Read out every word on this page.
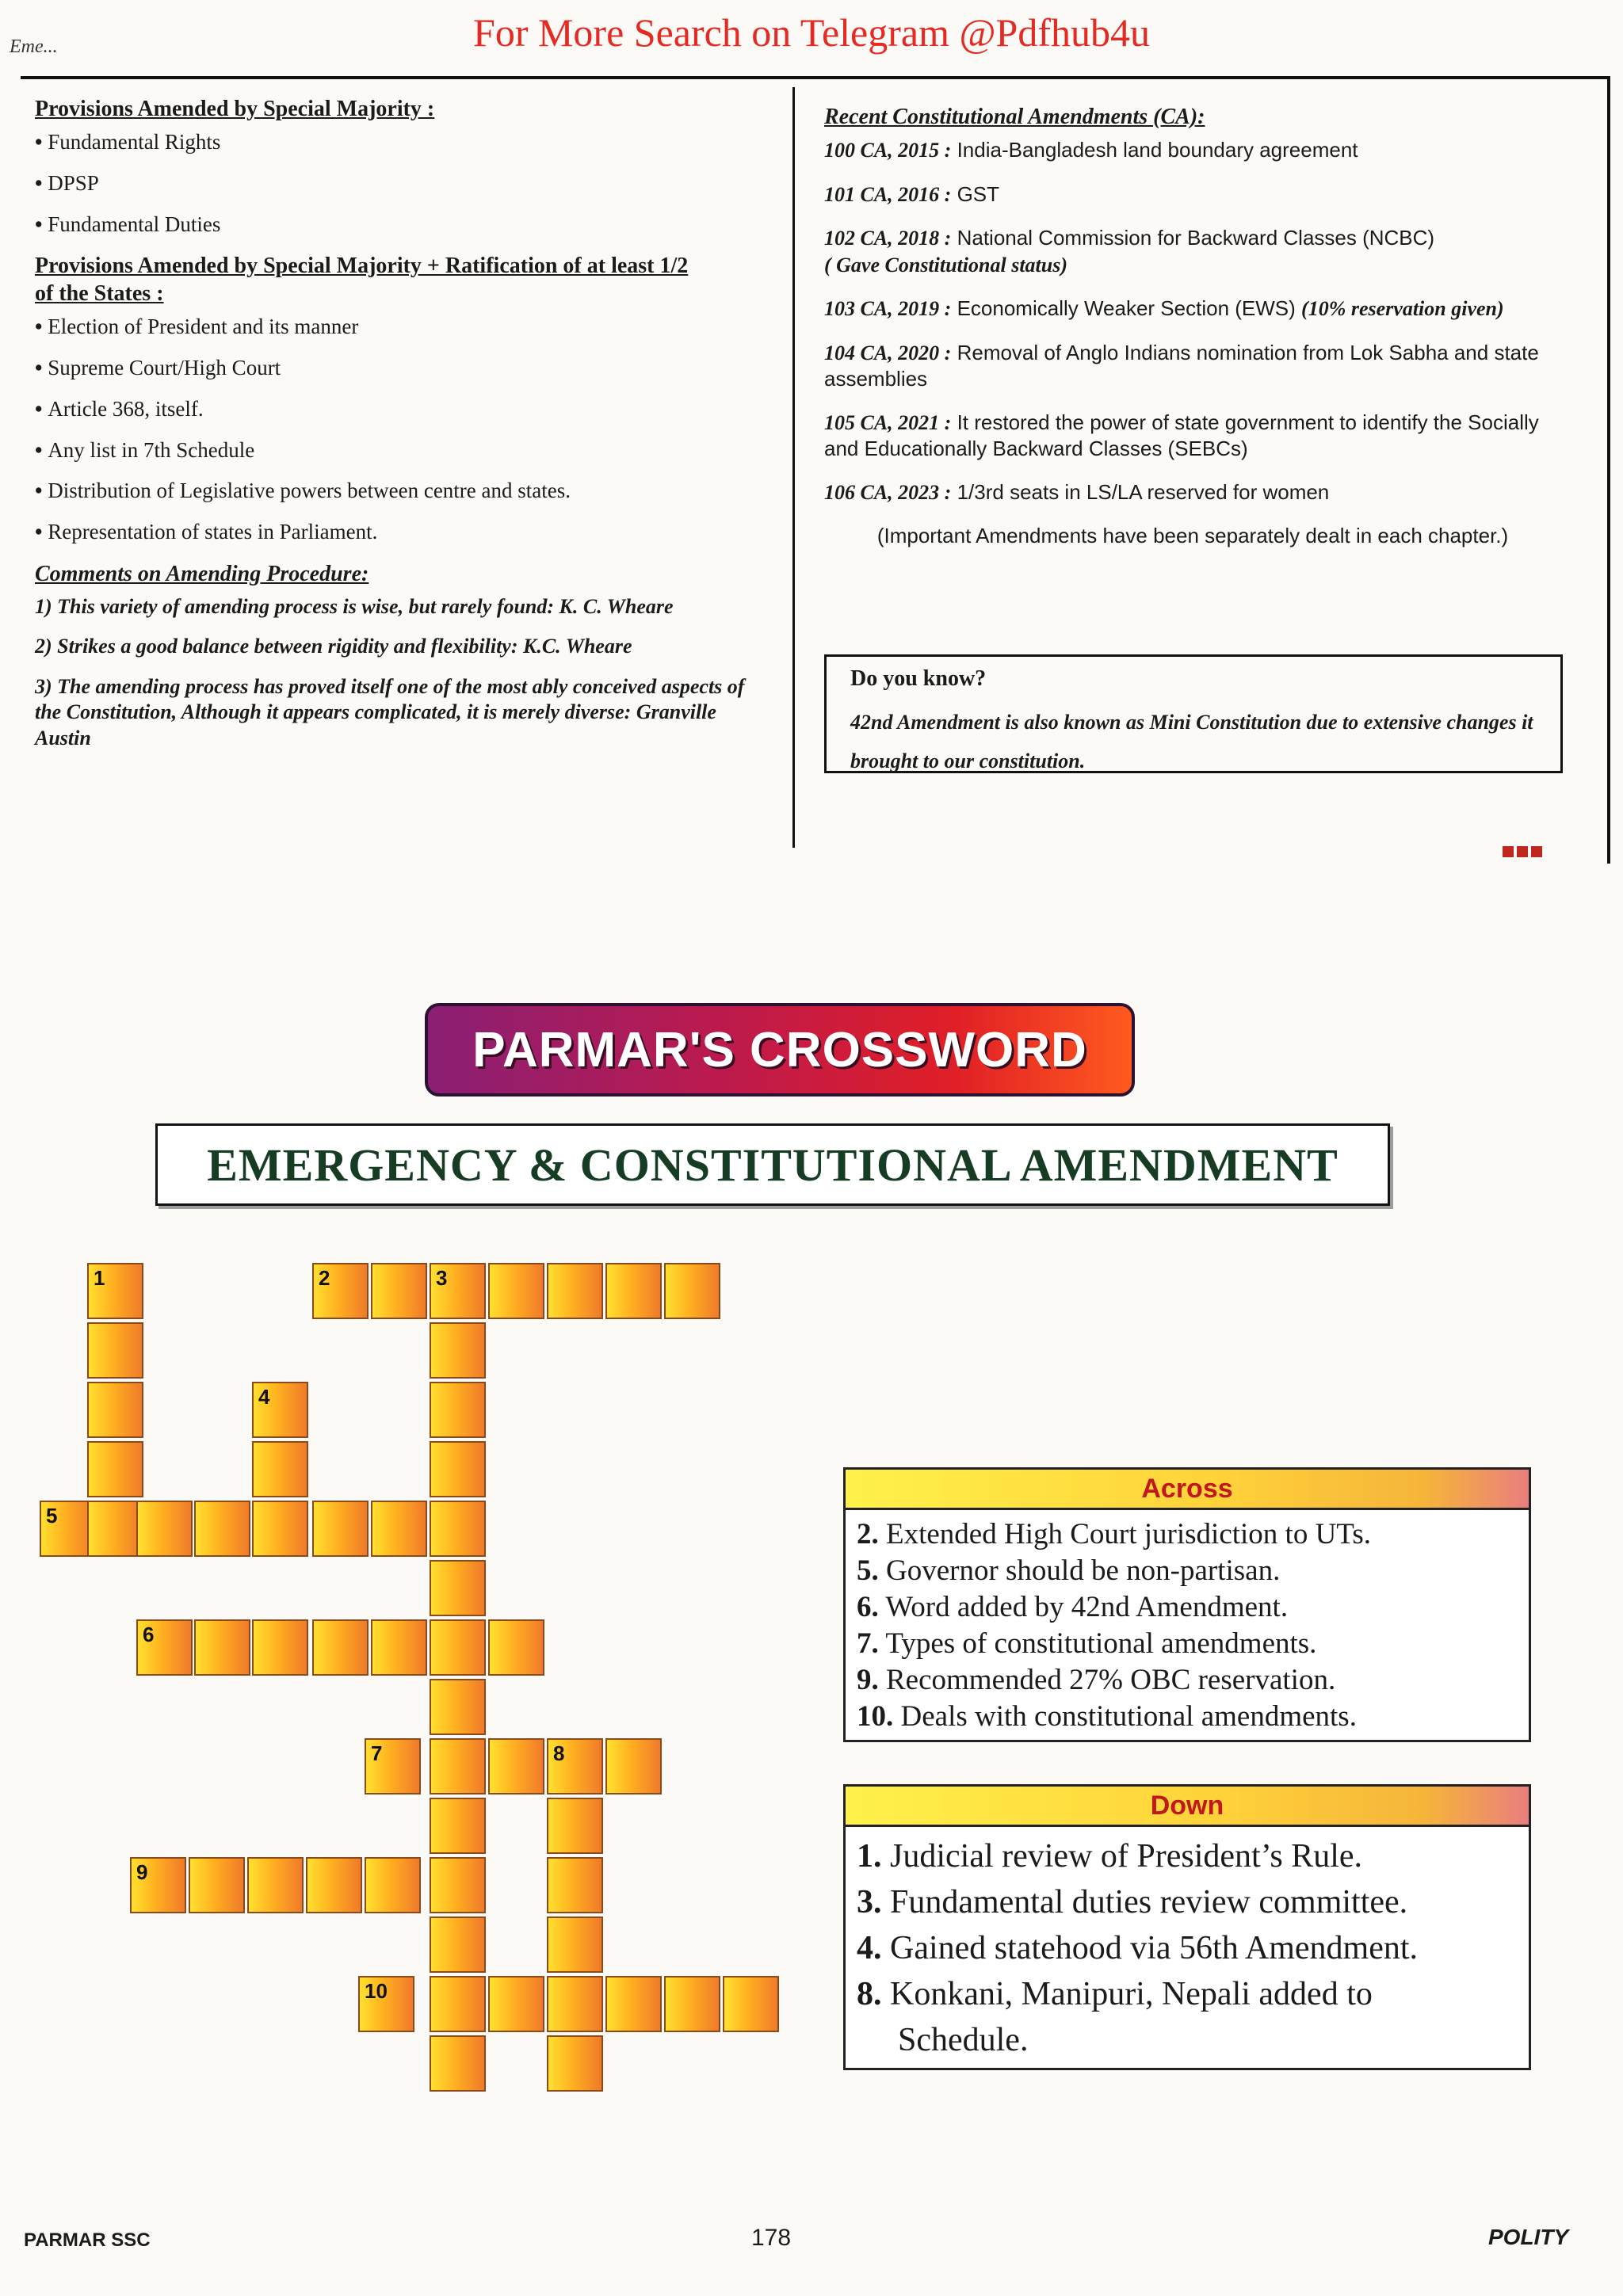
For More Search on Telegram @Pdfhub4u
Eme...
Provisions Amended by Special Majority :
• Fundamental Rights
• DPSP
• Fundamental Duties
Provisions Amended by Special Majority + Ratification of at least 1/2
of the States :
• Election of President and its manner
• Supreme Court/High Court
• Article 368, itself.
• Any list in 7th Schedule
• Distribution of Legislative powers between centre and states.
• Representation of states in Parliament.
Comments on Amending Procedure:
1) This variety of amending process is wise, but rarely found: K. C. Wheare
2) Strikes a good balance between rigidity and flexibility: K.C. Wheare
3) The amending process has proved itself one of the most ably conceived aspects of the Constitution, Although it appears complicated, it is merely diverse: Granville Austin
Recent Constitutional Amendments (CA):
100 CA, 2015 : India-Bangladesh land boundary agreement
101 CA, 2016 : GST
102 CA, 2018 : National Commission for Backward Classes (NCBC)
( Gave Constitutional status)
103 CA, 2019 : Economically Weaker Section (EWS) (10% reservation given)
104 CA, 2020 : Removal of Anglo Indians nomination from Lok Sabha and state assemblies
105 CA, 2021 : It restored the power of state government to identify the Socially and Educationally Backward Classes (SEBCs)
106 CA, 2023 : 1/3rd seats in LS/LA reserved for women
(Important Amendments have been separately dealt in each chapter.)
Do you know?
42nd Amendment is also known as Mini Constitution due to extensive changes it brought to our constitution.
PARMAR'S CROSSWORD
EMERGENCY & CONSTITUTIONAL AMENDMENT
1	2	3
4
5
6
7	8
9
10
Across
2. Extended High Court jurisdiction to UTs.
5. Governor should be non-partisan.
6. Word added by 42nd Amendment.
7. Types of constitutional amendments.
9. Recommended 27% OBC reservation.
10. Deals with constitutional amendments.
Down
1. Judicial review of President’s Rule.
3. Fundamental duties review committee.
4. Gained statehood via 56th Amendment.
8. Konkani, Manipuri, Nepali added to
Schedule.
PARMAR SSC	178	POLITY
